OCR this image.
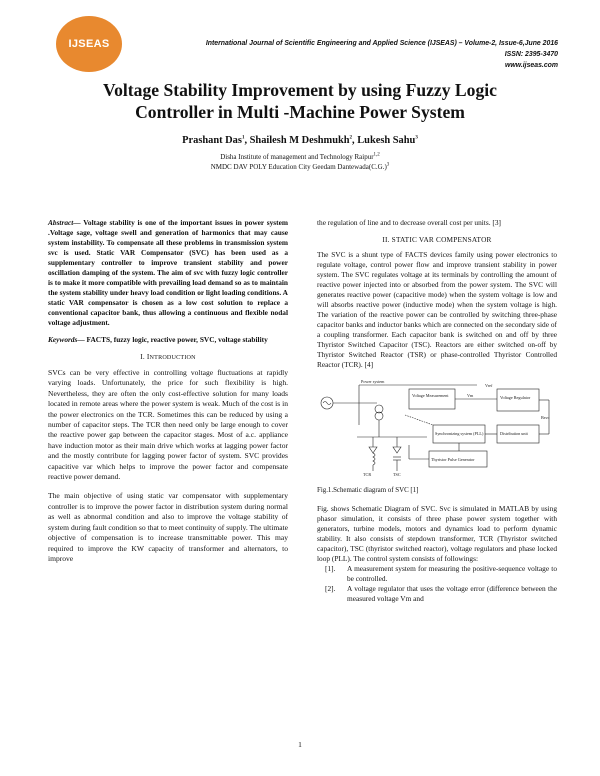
IJSEAS	International Journal of Scientific Engineering and Applied Science (IJSEAS) – Volume-2, Issue-6,June 2016
ISSN: 2395-3470
www.ijseas.com
Voltage Stability Improvement by using Fuzzy Logic
Controller in Multi -Machine Power System
Prashant Das$^1$, Shailesh M Deshmukh$^2$, Lukesh Sahu$^3$
Disha Institute of management and Technology Raipur$^{1,2}$
NMDC DAV POLY Education City Geedam $Dantewada(C.G.)^3$

Abstract— Voltage stability is one of the important issues in power system .Voltage sage, voltage swell and generation of harmonics that may cause system instability. To compensate all these problems in transmission system svc is used. Static VAR Compensator (SVC) has been used as a supplementary controller to improve transient stability and power oscillation damping of the system. The aim of svc with fuzzy logic controller is to make it more compatible with prevailing load demand so as to maintain the system stability under heavy load condition or light loading conditions. A static VAR compensator is chosen as a low cost solution to replace a conventional capacitor bank, thus allowing a continuous and flexible nodal voltage adjustment.

Keywords— FACTS, fuzzy logic, reactive power, SVC, voltage stability

I. INTRODUCTION

SVCs can be very effective in controlling voltage fluctuations at rapidly varying loads. Unfortunately, the price for such flexibility is high. Nevertheless, they are often the only cost-effective solution for many loads located in remote areas where the power system is weak. Much of the cost is in the power electronics on the TCR. Sometimes this can be reduced by using a number of capacitor steps. The TCR then need only be large enough to cover the reactive power gap between the capacitor stages. Most of a.c. appliance have induction motor as their main drive which works at lagging power factor and the mostly contribute for lagging power factor of system. SVC provides capacitive var which helps to improve the power factor and compensate reactive power demand.

The main objective of using static var compensator with supplementary controller is to improve the power factor in distribution system during normal as well as abnormal condition and also to improve the voltage stability of system during fault condition so that to meet continuity of supply. The ultimate objective of compensation is to increase transmittable power. This may required to improve the KW capacity of transformer and alternators, to improve

the regulation of line and to decrease overall cost per units. [3]

II. STATIC VAR COMPENSATOR

The SVC is a shunt type of FACTS devices family using power electronics to regulate voltage, control power flow and improve transient stability in power system. The SVC regulates voltage at its terminals by controlling the amount of reactive power injected into or absorbed from the power system. The SVC will generates reactive power (capacitive mode) when the system voltage is low and will absorbs reactive power (inductive mode) when the system voltage is high. The variation of the reactive power can be controlled by switching three-phase capacitor banks and inductor banks which are connected on the secondary side of a coupling transformer. Each capacitor bank is switched on and off by three Thyristor Switched Capacitor (TSC). Reactors are either switched on-off by Thyristor Switched Reactor (TSR) or phase-controlled Thyristor Controlled Reactor (TCR). [4]

Power system
Voltage Measurement	Voltage Regulator
Synchronizing system (PLL)	Distribution unit
Thyristor Pulse Generator
TCR	TSC
Vm
Vref
Bsvc

Fig.1.Schematic diagram of SVC [1]

Fig. shows Schematic Diagram of SVC. Svc is simulated in MATLAB by using phasor simulation, it consists of three phase power system together with generators, turbine models, motors and dynamics load to perform dynamic stability. It also consists of stepdown transformer, TCR (Thyristor switched capacitor), TSC (thyristor switched reactor), voltage regulators and phase locked loop (PLL). The control system consists of followings:

[1].	A measurement system for measuring the positive-sequence voltage to be controlled.
[2].	A voltage regulator that uses the voltage error (difference between the measured voltage Vm and
1
